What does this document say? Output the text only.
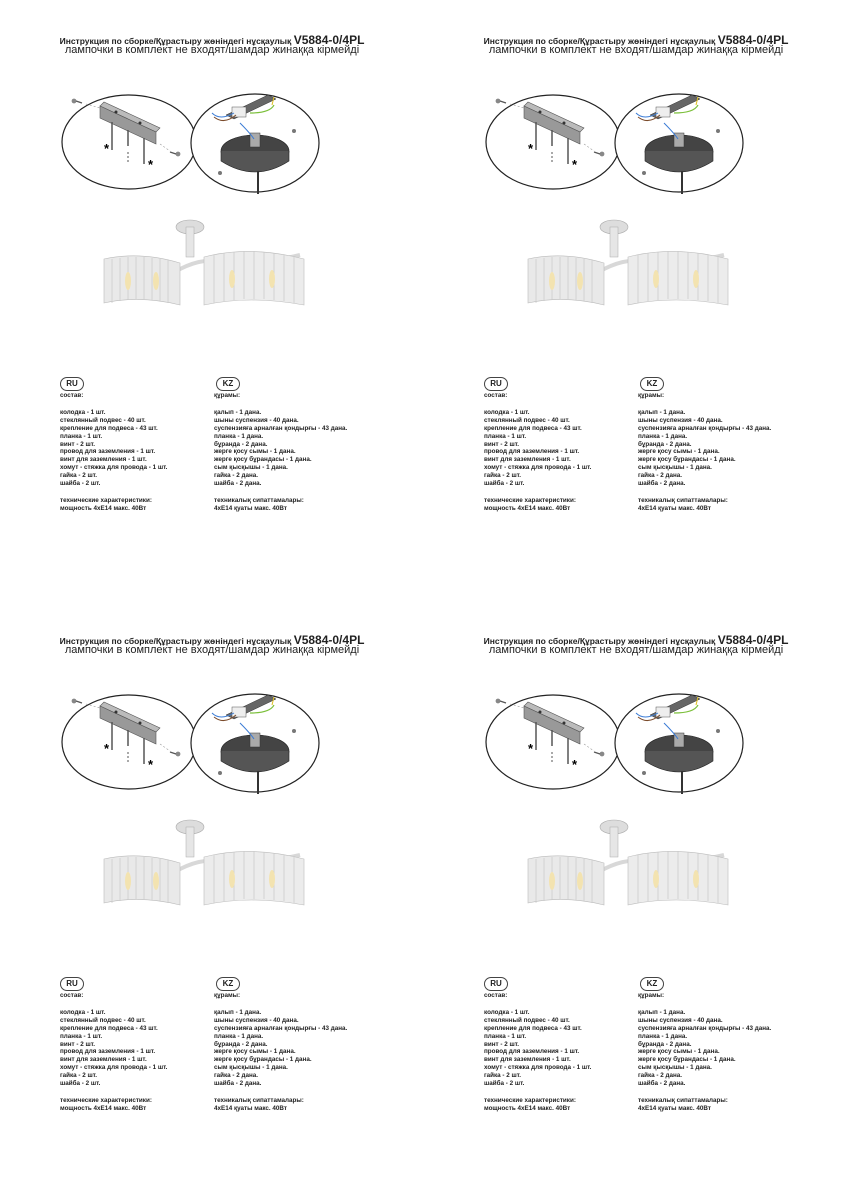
Инструкция по сборке/Құрастыру жөніндегі нұсқаулық V5884-0/4PL
лампочки в комплект не входят/шамдар жинаққа кірмейді
*
*
RU	KZ
состав:
колодка - 1 шт.
стеклянный подвес - 40 шт.
крепление для подвеса - 43 шт.
планка - 1 шт.
винт - 2 шт.
провод для заземления - 1 шт.
винт для заземления - 1 шт.
хомут - стяжка для провода - 1 шт.
гайка - 2 шт.
шайба - 2 шт.
технические характеристики:
мощность 4хЕ14 макс. 40Вт
құрамы:
қалып - 1 дана.
шыны суспензия - 40 дана.
суспензияға арналған қондырғы - 43 дана.
планка - 1 дана.
бұранда - 2 дана.
жерге қосу сымы - 1 дана.
жерге қосу бұрандасы - 1 дана.
сым қысқышы - 1 дана.
гайка - 2 дана.
шайба - 2 дана.
техникалық сипаттамалары:
4хЕ14 қуаты макс. 40Вт
Инструкция по сборке/Құрастыру жөніндегі нұсқаулық V5884-0/4PL
лампочки в комплект не входят/шамдар жинаққа кірмейді
*
*
RU	KZ
состав:
колодка - 1 шт.
стеклянный подвес - 40 шт.
крепление для подвеса - 43 шт.
планка - 1 шт.
винт - 2 шт.
провод для заземления - 1 шт.
винт для заземления - 1 шт.
хомут - стяжка для провода - 1 шт.
гайка - 2 шт.
шайба - 2 шт.
технические характеристики:
мощность 4хЕ14 макс. 40Вт
құрамы:
қалып - 1 дана.
шыны суспензия - 40 дана.
суспензияға арналған қондырғы - 43 дана.
планка - 1 дана.
бұранда - 2 дана.
жерге қосу сымы - 1 дана.
жерге қосу бұрандасы - 1 дана.
сым қысқышы - 1 дана.
гайка - 2 дана.
шайба - 2 дана.
техникалық сипаттамалары:
4хЕ14 қуаты макс. 40Вт
Инструкция по сборке/Құрастыру жөніндегі нұсқаулық V5884-0/4PL
лампочки в комплект не входят/шамдар жинаққа кірмейді
*
*
RU	KZ
состав:
колодка - 1 шт.
стеклянный подвес - 40 шт.
крепление для подвеса - 43 шт.
планка - 1 шт.
винт - 2 шт.
провод для заземления - 1 шт.
винт для заземления - 1 шт.
хомут - стяжка для провода - 1 шт.
гайка - 2 шт.
шайба - 2 шт.
технические характеристики:
мощность 4хЕ14 макс. 40Вт
құрамы:
қалып - 1 дана.
шыны суспензия - 40 дана.
суспензияға арналған қондырғы - 43 дана.
планка - 1 дана.
бұранда - 2 дана.
жерге қосу сымы - 1 дана.
жерге қосу бұрандасы - 1 дана.
сым қысқышы - 1 дана.
гайка - 2 дана.
шайба - 2 дана.
техникалық сипаттамалары:
4хЕ14 қуаты макс. 40Вт
Инструкция по сборке/Құрастыру жөніндегі нұсқаулық V5884-0/4PL
лампочки в комплект не входят/шамдар жинаққа кірмейді
*
*
RU	KZ
состав:
колодка - 1 шт.
стеклянный подвес - 40 шт.
крепление для подвеса - 43 шт.
планка - 1 шт.
винт - 2 шт.
провод для заземления - 1 шт.
винт для заземления - 1 шт.
хомут - стяжка для провода - 1 шт.
гайка - 2 шт.
шайба - 2 шт.
технические характеристики:
мощность 4хЕ14 макс. 40Вт
құрамы:
қалып - 1 дана.
шыны суспензия - 40 дана.
суспензияға арналған қондырғы - 43 дана.
планка - 1 дана.
бұранда - 2 дана.
жерге қосу сымы - 1 дана.
жерге қосу бұрандасы - 1 дана.
сым қысқышы - 1 дана.
гайка - 2 дана.
шайба - 2 дана.
техникалық сипаттамалары:
4хЕ14 қуаты макс. 40Вт
